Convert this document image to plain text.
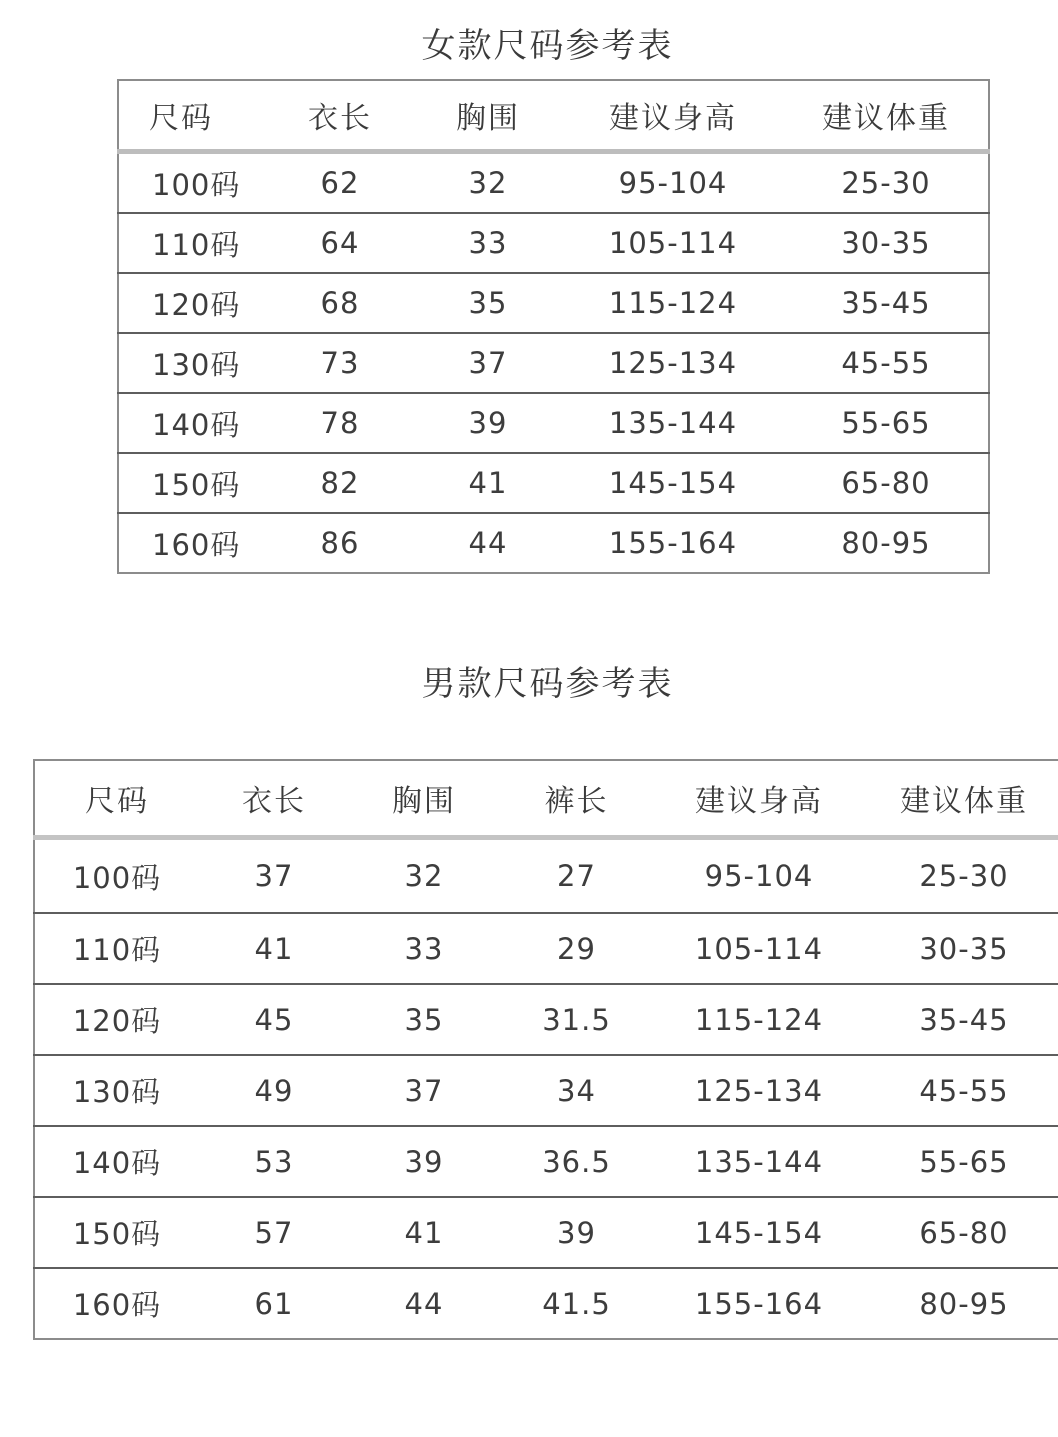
女款尺码参考表
尺码	衣长	胸围	建议身高	建议体重
100码	62	32	95-104	25-30
110码	64	33	105-114	30-35
120码	68	35	115-124	35-45
130码	73	37	125-134	45-55
140码	78	39	135-144	55-65
150码	82	41	145-154	65-80
160码	86	44	155-164	80-95
男款尺码参考表
尺码	衣长	胸围	裤长	建议身高	建议体重
100码	37	32	27	95-104	25-30
110码	41	33	29	105-114	30-35
120码	45	35	31.5	115-124	35-45
130码	49	37	34	125-134	45-55
140码	53	39	36.5	135-144	55-65
150码	57	41	39	145-154	65-80
160码	61	44	41.5	155-164	80-95
